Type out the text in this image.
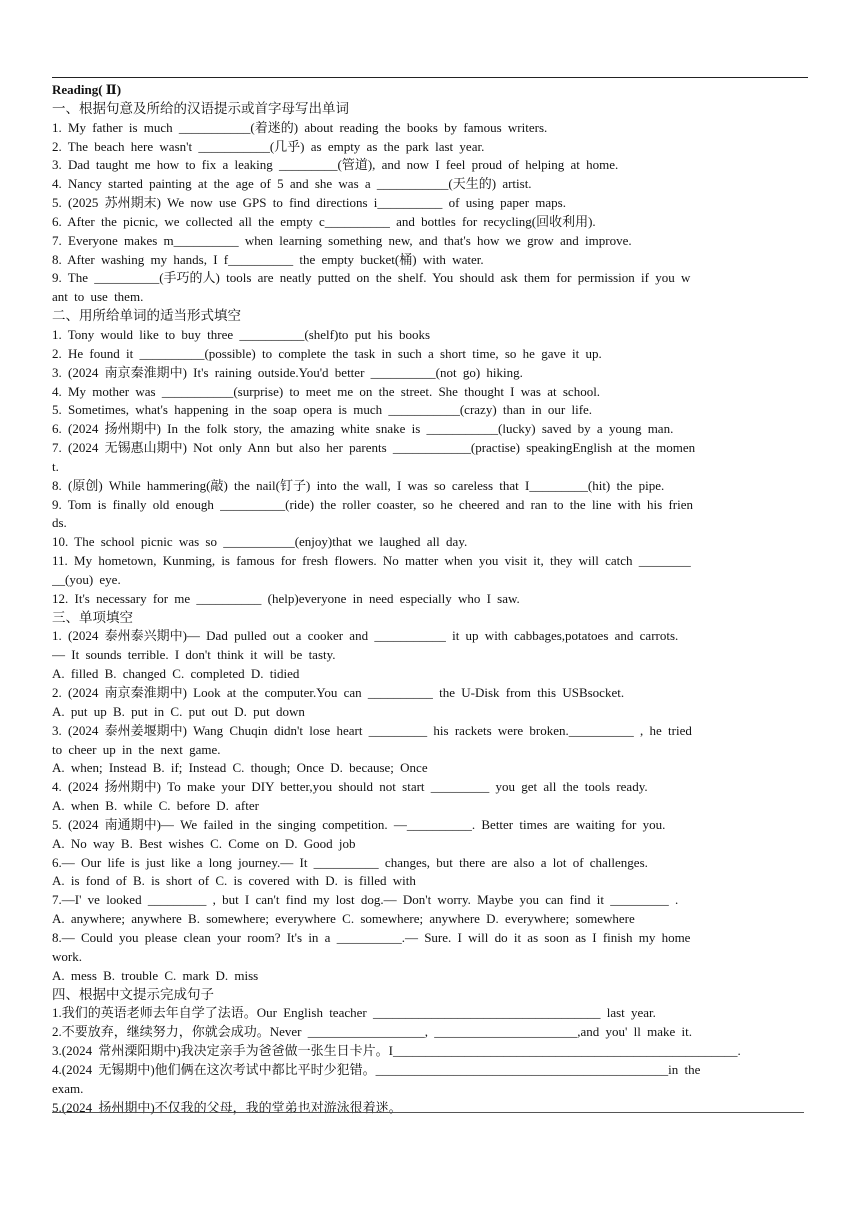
Reading( Ⅱ)
一、根据句意及所给的汉语提示或首字母写出单词
1. My father is much ___________(着迷的) about reading the books by famous writers.
2. The beach here wasn't ___________(几乎) as empty as the park last year.
3. Dad taught me how to fix a leaking _________(管道), and now I feel proud of helping at home.
4. Nancy started painting at the age of 5 and she was a ___________(天生的) artist.
5. (2025 苏州期末) We now use GPS to find directions i__________ of using paper maps.
6. After the picnic, we collected all the empty c__________ and bottles for recycling(回收利用).
7. Everyone makes m__________ when learning something new, and that's how we grow and improve.
8. After washing my hands, I f__________ the empty bucket(桶) with water.
9. The __________(手巧的人) tools are neatly putted on the shelf. You should ask them for permission if you w
ant to use them.
二、用所给单词的适当形式填空
1. Tony would like to buy three __________(shelf)to put his books
2. He found it __________(possible) to complete the task in such a short time, so he gave it up.
3. (2024 南京秦淮期中) It's raining outside.You'd better __________(not go) hiking.
4. My mother was ___________(surprise) to meet me on the street. She thought I was at school.
5. Sometimes, what's happening in the soap opera is much ___________(crazy) than in our life.
6. (2024 扬州期中) In the folk story, the amazing white snake is ___________(lucky) saved by a young man.
7. (2024 无锡惠山期中) Not only Ann but also her parents ____________(practise) speakingEnglish at the momen
t.
8. (原创) While hammering(敲) the nail(钉子) into the wall, I was so careless that I_________(hit) the pipe.
9. Tom is finally old enough __________(ride) the roller coaster, so he cheered and ran to the line with his frien
ds.
10. The school picnic was so ___________(enjoy)that we laughed all day.
11. My hometown, Kunming, is famous for fresh flowers. No matter when you visit it, they will catch ________
__(you) eye.
12. It's necessary for me __________ (help)everyone in need especially who I saw.
三、单项填空
1. (2024 泰州泰兴期中)— Dad pulled out a cooker and ___________ it up with cabbages,potatoes and carrots.
— It sounds terrible. I don't think it will be tasty.
A. filled B. changed C. completed D. tidied
2. (2024 南京秦淮期中) Look at the computer.You can __________ the U-Disk from this USBsocket.
A. put up B. put in C. put out D. put down
3. (2024 泰州姜堰期中) Wang Chuqin didn't lose heart _________ his rackets were broken.__________ , he tried
to cheer up in the next game.
A. when; Instead B. if; Instead C. though; Once D. because; Once
4. (2024 扬州期中) To make your DIY better,you should not start _________ you get all the tools ready.
A. when B. while C. before D. after
5. (2024 南通期中)— We failed in the singing competition. —__________. Better times are waiting for you.
A. No way B. Best wishes C. Come on D. Good job
6.— Our life is just like a long journey.— It __________ changes, but there are also a lot of challenges.
A. is fond of B. is short of C. is covered with D. is filled with
7.—I' ve looked _________ , but I can't find my lost dog.— Don't worry. Maybe you can find it _________ .
A. anywhere; anywhere B. somewhere; everywhere C. somewhere; anywhere D. everywhere; somewhere
8.— Could you please clean your room? It's in a __________.— Sure. I will do it as soon as I finish my home
work.
A. mess B. trouble C. mark D. miss
四、根据中文提示完成句子
1.我们的英语老师去年自学了法语。Our English teacher ___________________________________ last year.
2.不要放弃，继续努力，你就会成功。Never __________________, ______________________,and you' ll make it.
3.(2024 常州溧阳期中)我决定亲手为爸爸做一张生日卡片。I_____________________________________________________.
4.(2024 无锡期中)他们俩在这次考试中都比平时少犯错。_____________________________________________in the
exam.
5.(2024 扬州期中)不仅我的父母，我的堂弟也对游泳很着迷。
